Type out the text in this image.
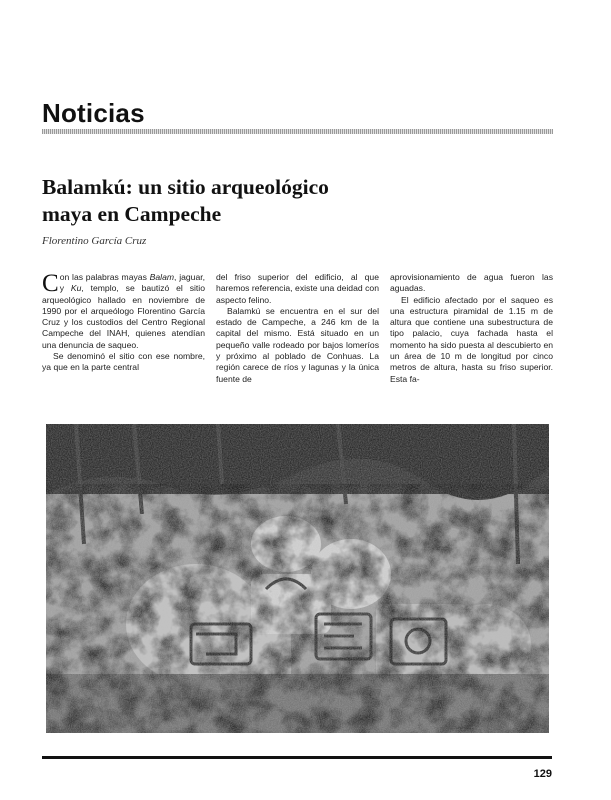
Noticias
Balamkú: un sitio arqueológico
maya en Campeche

Florentino García Cruz

Con las palabras mayas Balam, jaguar, y Ku, templo, se bautizó el sitio arqueológico hallado en noviembre de 1990 por el arqueólogo Florentino García Cruz y los custodios del Centro Regional Campeche del INAH, quienes atendían una denuncia de saqueo.

Se denominó el sitio con ese nombre, ya que en la parte central

del friso superior del edificio, al que haremos referencia, existe una deidad con aspecto felino.

Balamkú se encuentra en el sur del estado de Campeche, a 246 km de la capital del mismo. Está situado en un pequeño valle rodeado por bajos lomeríos y próximo al poblado de Conhuas. La región carece de ríos y lagunas y la única fuente de

aprovisionamiento de agua fueron las aguadas.

El edificio afectado por el saqueo es una estructura piramidal de 1.15 m de altura que contiene una subestructura de tipo palacio, cuya fachada hasta el momento ha sido puesta al descubierto en un área de 10 m de longitud por cinco metros de altura, hasta su friso superior. Esta fa-

129
